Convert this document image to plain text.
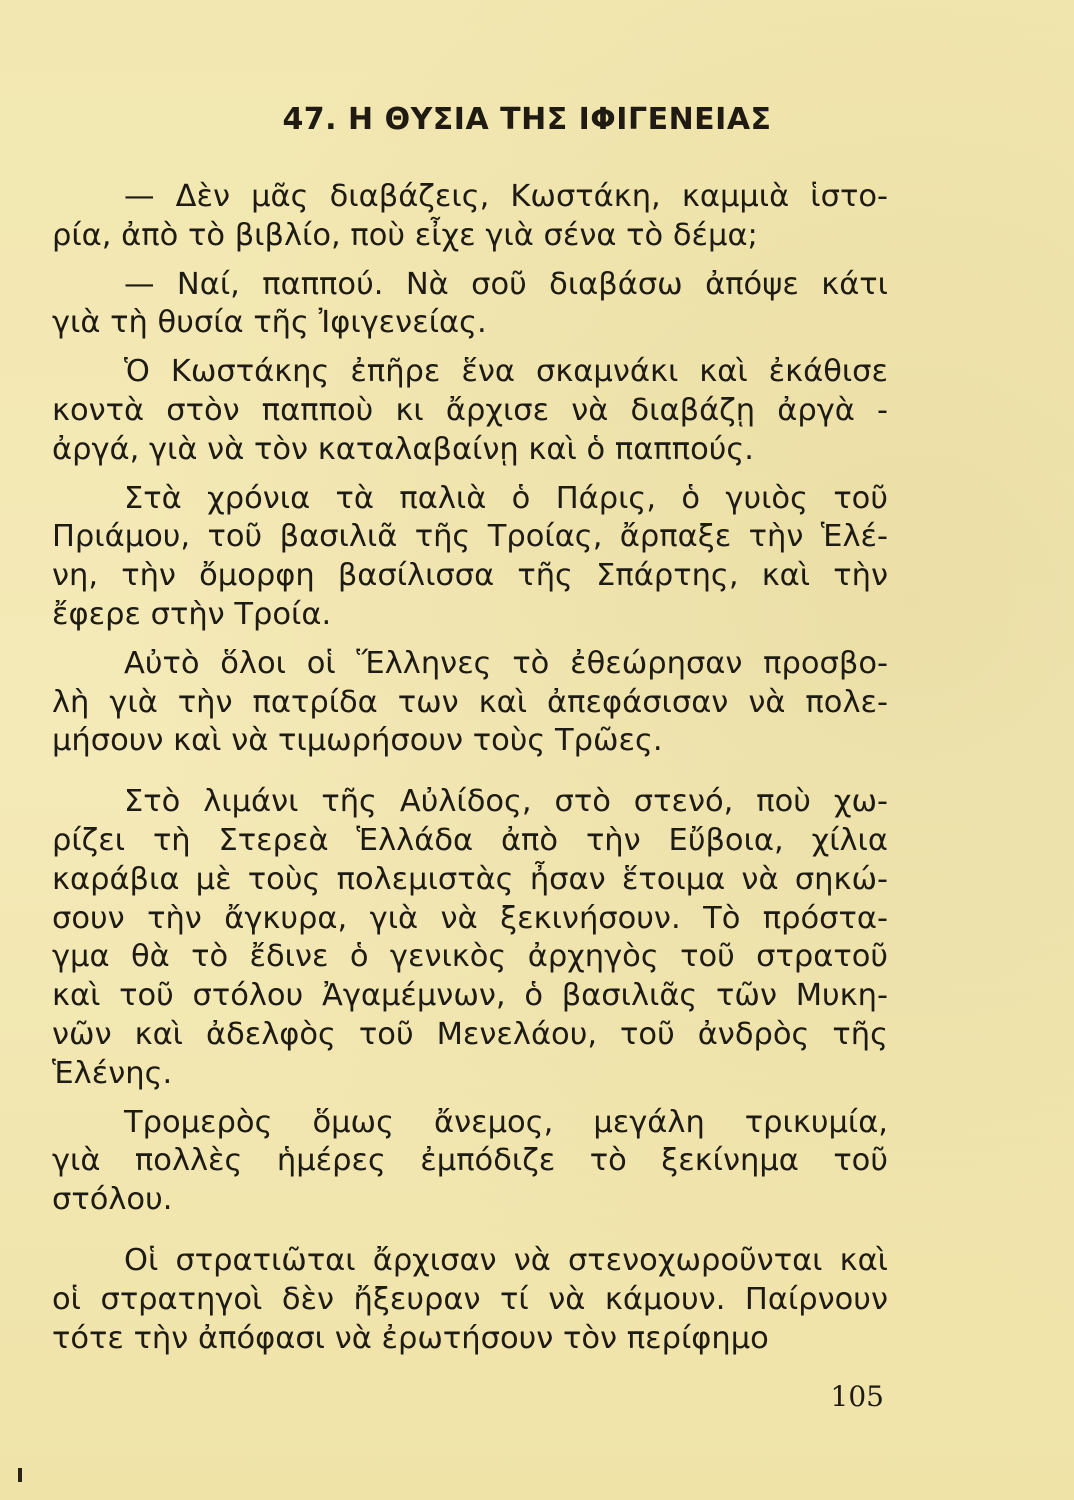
47. Η ΘΥΣΙΑ ΤΗΣ ΙΦΙΓΕΝΕΙΑΣ
— Δὲν μᾶς διαβάζεις, Κωστάκη, καμμιὰ ἱστο-
ρία, ἀπὸ τὸ βιβλίο, ποὺ εἶχε γιὰ σένα τὸ δέμα;
— Ναί, παππού. Νὰ σοῦ διαβάσω ἀπόψε κάτι
γιὰ τὴ θυσία τῆς Ἰφιγενείας.
Ὁ Κωστάκης ἐπῆρε ἕνα σκαμνάκι καὶ ἐκάθισε
κοντὰ στὸν παπποὺ κι ἄρχισε νὰ διαβάζῃ ἀργὰ -
ἀργά, γιὰ νὰ τὸν καταλαβαίνῃ καὶ ὁ παππούς.
Στὰ χρόνια τὰ παλιὰ ὁ Πάρις, ὁ γυιὸς τοῦ
Πριάμου, τοῦ βασιλιᾶ τῆς Τροίας, ἄρπαξε τὴν Ἑλέ-
νη, τὴν ὄμορφη βασίλισσα τῆς Σπάρτης, καὶ τὴν
ἔφερε στὴν Τροία.
Αὐτὸ ὅλοι οἱ Ἕλληνες τὸ ἐθεώρησαν προσβο-
λὴ γιὰ τὴν πατρίδα των καὶ ἀπεφάσισαν νὰ πολε-
μήσουν καὶ νὰ τιμωρήσουν τοὺς Τρῶες.
Στὸ λιμάνι τῆς Αὐλίδος, στὸ στενό, ποὺ χω-
ρίζει τὴ Στερεὰ Ἑλλάδα ἀπὸ τὴν Εὔβοια, χίλια
καράβια μὲ τοὺς πολεμιστὰς ἦσαν ἕτοιμα νὰ σηκώ-
σουν τὴν ἄγκυρα, γιὰ νὰ ξεκινήσουν. Τὸ πρόστα-
γμα θὰ τὸ ἔδινε ὁ γενικὸς ἀρχηγὸς τοῦ στρατοῦ
καὶ τοῦ στόλου Ἀγαμέμνων, ὁ βασιλιᾶς τῶν Μυκη-
νῶν καὶ ἀδελφὸς τοῦ Μενελάου, τοῦ ἀνδρὸς τῆς
Ἑλένης.
Τρομερὸς ὅμως ἄνεμος, μεγάλη τρικυμία,
γιὰ πολλὲς ἡμέρες ἐμπόδιζε τὸ ξεκίνημα τοῦ
στόλου.
Οἱ στρατιῶται ἄρχισαν νὰ στενοχωροῦνται καὶ
οἱ στρατηγοὶ δὲν ἤξευραν τί νὰ κάμουν. Παίρνουν
τότε τὴν ἀπόφασι νὰ ἐρωτήσουν τὸν περίφημο
105
